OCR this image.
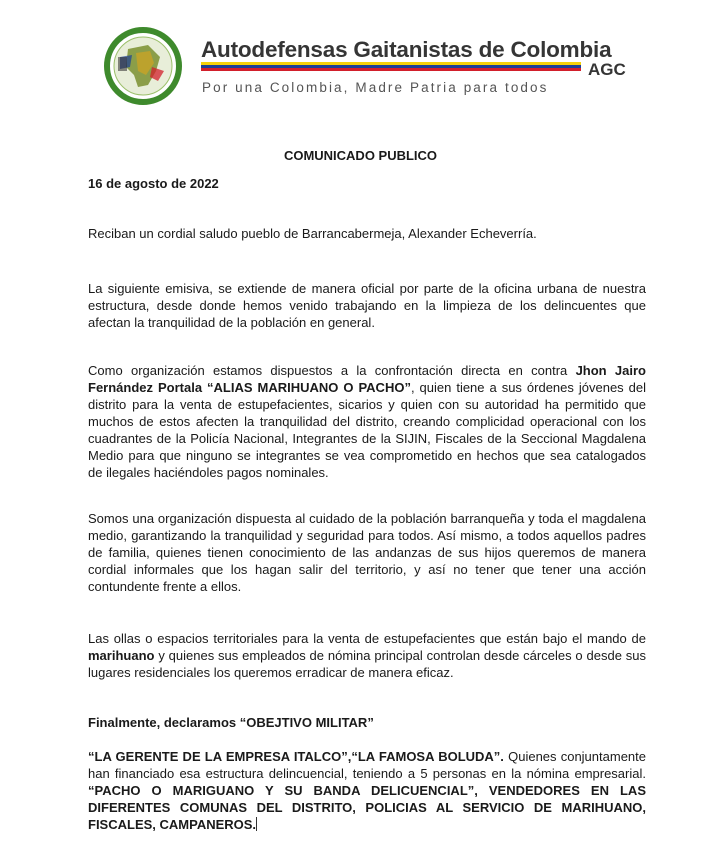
Autodefensas Gaitanistas de Colombia
AGC
Por una Colombia, Madre Patria para todos
COMUNICADO PUBLICO
16 de agosto de 2022
Reciban un cordial saludo pueblo de Barrancabermeja, Alexander Echeverría.
La siguiente emisiva, se extiende de manera oficial por parte de la oficina urbana de nuestra estructura, desde donde hemos venido trabajando en la limpieza de los delincuentes que afectan la tranquilidad de la población en general.
Como organización estamos dispuestos a la confrontación directa en contra Jhon Jairo Fernández Portala “ALIAS MARIHUANO O PACHO”, quien tiene a sus órdenes jóvenes del distrito para la venta de estupefacientes, sicarios y quien con su autoridad ha permitido que muchos de estos afecten la tranquilidad del distrito, creando complicidad operacional con los cuadrantes de la Policía Nacional, Integrantes de la SIJIN, Fiscales de la Seccional Magdalena Medio para que ninguno se integrantes se vea comprometido en hechos que sea catalogados de ilegales haciéndoles pagos nominales.
Somos una organización dispuesta al cuidado de la población barranqueña y toda el magdalena medio, garantizando la tranquilidad y seguridad para todos. Así mismo, a todos aquellos padres de familia, quienes tienen conocimiento de las andanzas de sus hijos queremos de manera cordial informales que los hagan salir del territorio, y así no tener que tener una acción contundente frente a ellos.
Las ollas o espacios territoriales para la venta de estupefacientes que están bajo el mando de marihuano y quienes sus empleados de nómina principal controlan desde cárceles o desde sus lugares residenciales los queremos erradicar de manera eficaz.
Finalmente, declaramos “OBEJTIVO MILITAR”
“LA GERENTE DE LA EMPRESA ITALCO”,“LA FAMOSA BOLUDA”. Quienes conjuntamente han financiado esa estructura delincuencial, teniendo a 5 personas en la nómina empresarial. “PACHO O MARIGUANO Y SU BANDA DELICUENCIAL”, VENDEDORES EN LAS DIFERENTES COMUNAS DEL DISTRITO, POLICIAS AL SERVICIO DE MARIHUANO, FISCALES, CAMPANEROS.
